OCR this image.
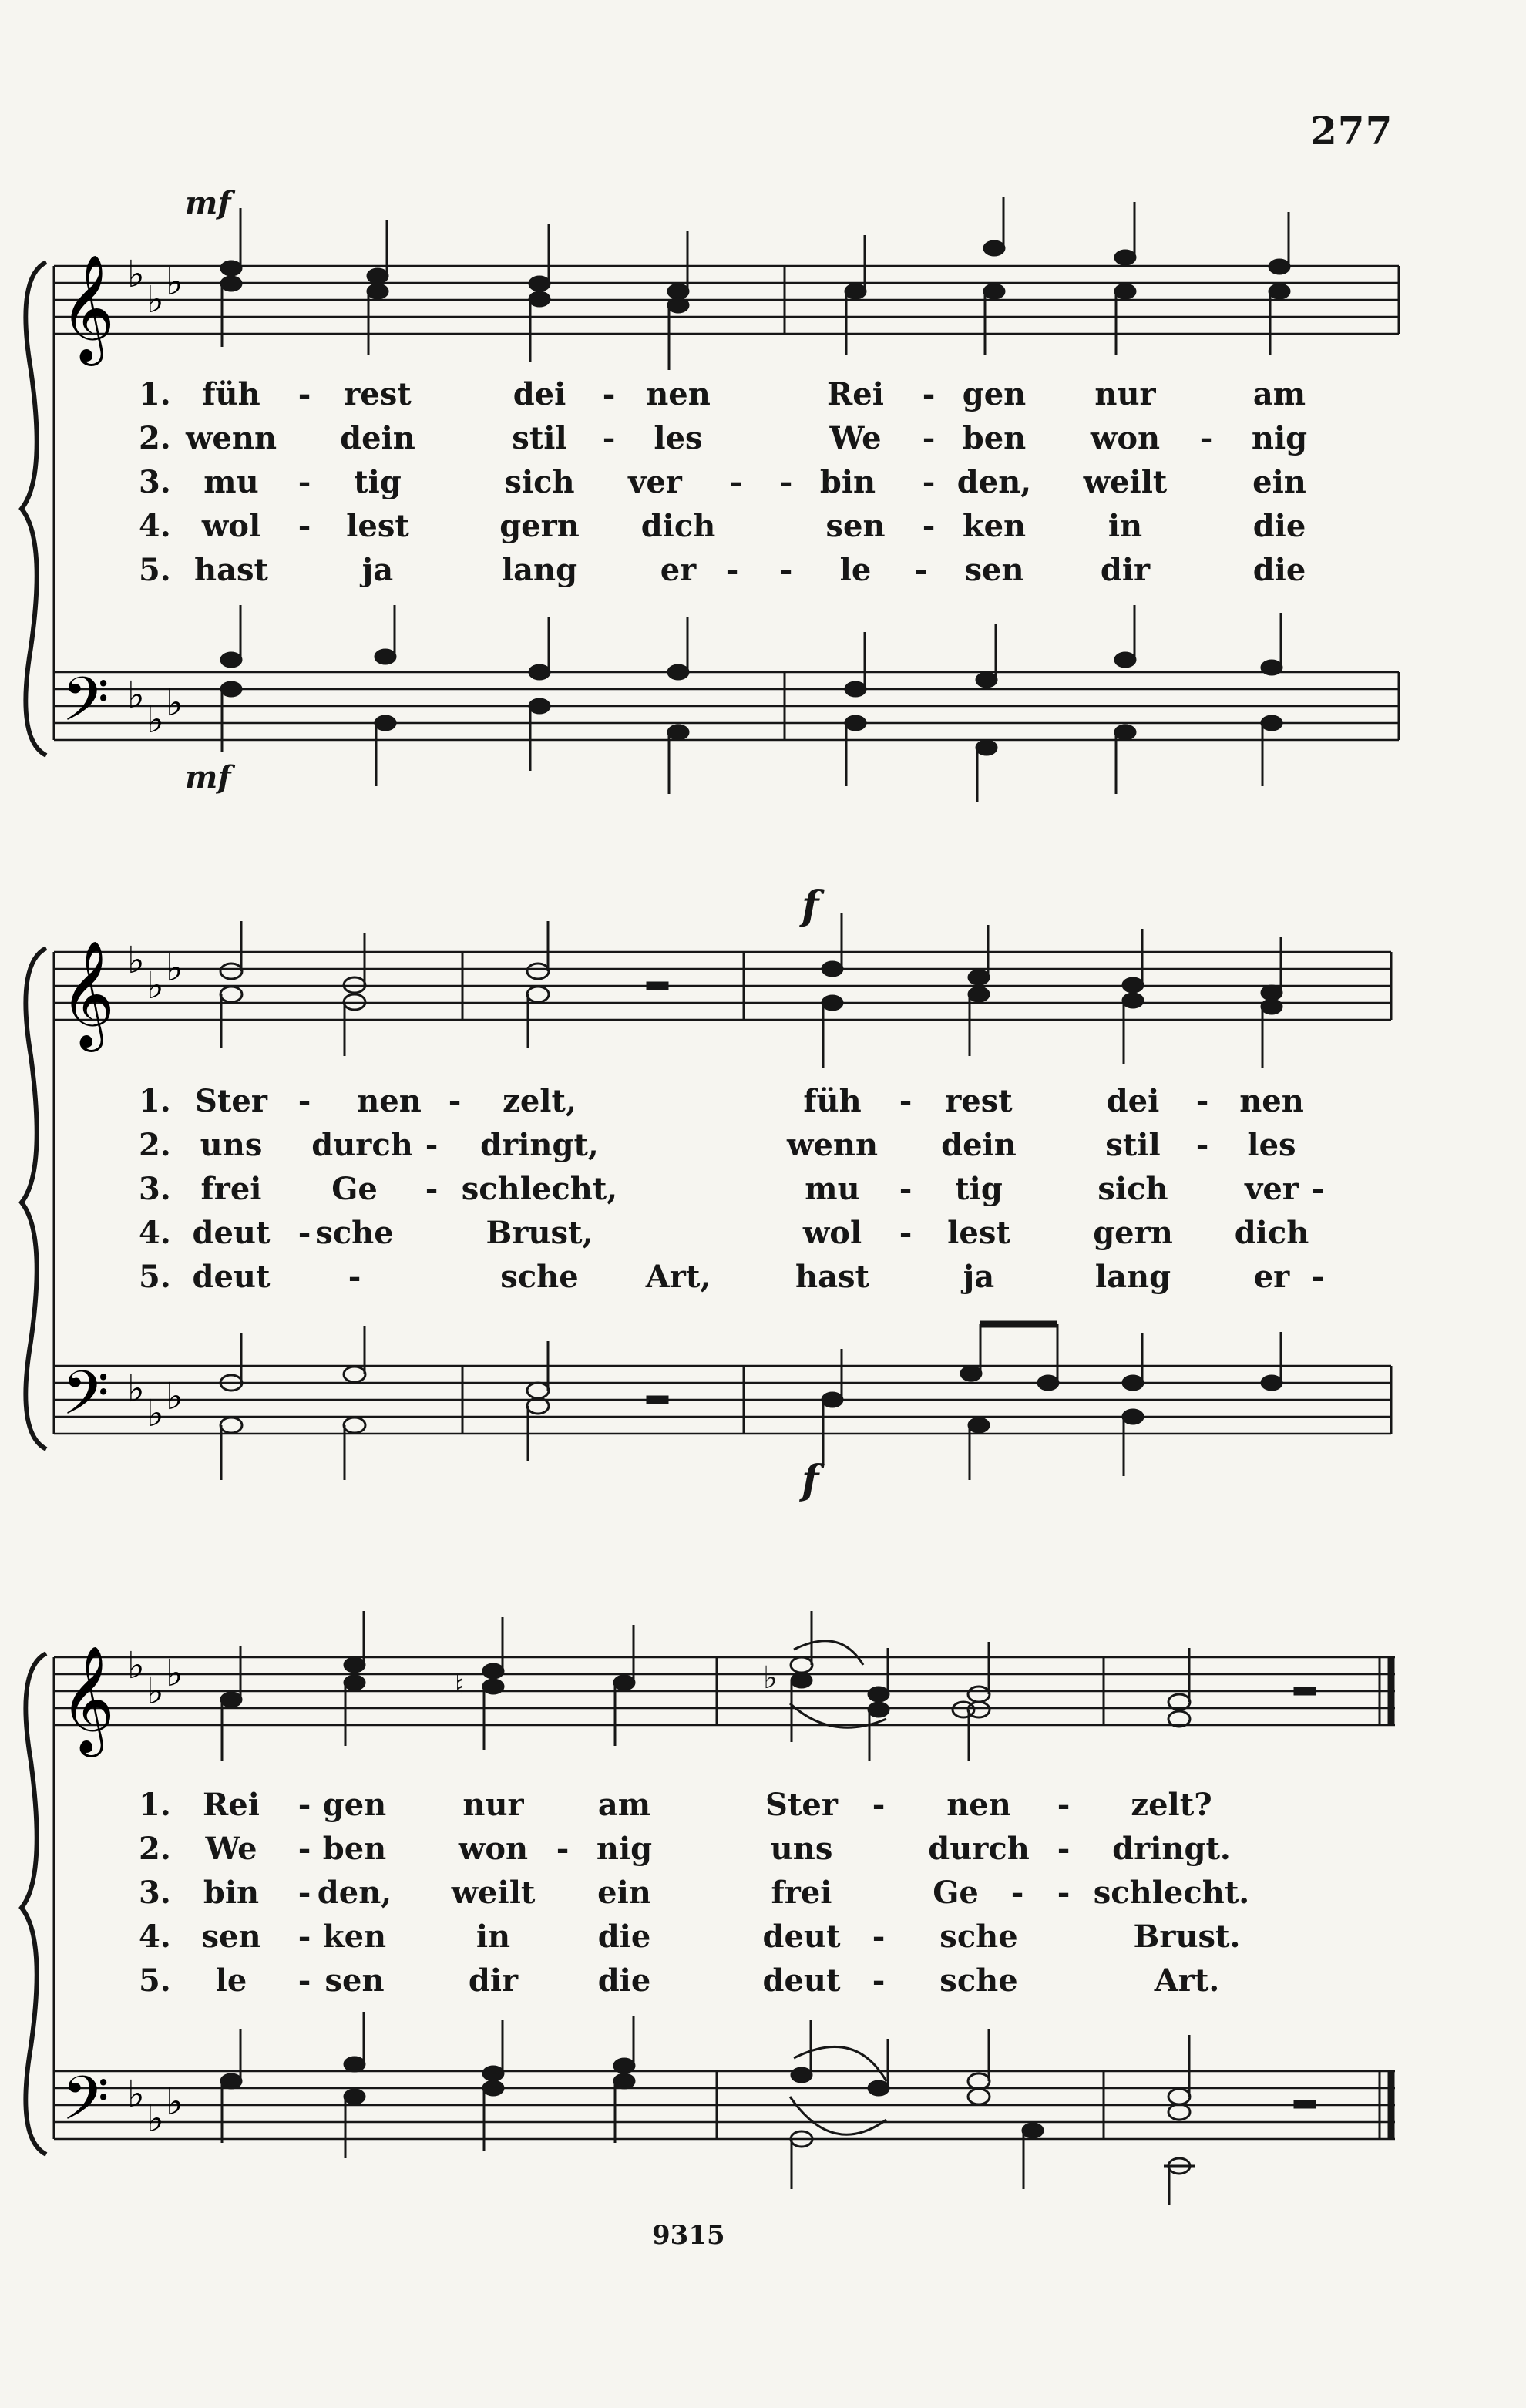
277
𝄞
𝄢
♭
♭ ♭
♭
♭ ♭
mf
mf
𝄞
𝄢
♭
♭ ♭
♭
♭ ♭
f
f
𝄞
𝄢
♭
♭ ♭
♭
♭ ♭
♮	♭
9315
1. füh - rest	dei - nen	Rei - gen nur	am
2. wenn dein	stil - les	We - ben won - nig
3. mu - tig	sich ver - - bin - den, weilt	ein
4. wol - lest	gern dich	sen - ken	in	die
5. hast	ja	lang	er - - le - sen dir	die
1. Ster - nen - zelt,	füh - rest	dei - nen
2. uns durch - dringt,	wenn dein	stil - les
3. frei Ge - schlecht,	mu - tig	sich ver -
4. deut - sche	Brust,	wol - lest	gern dich
5. deut	-	sche Art,	hast	ja	lang	er -
1. Rei - gen nur am	Ster - nen - zelt?
2. We - ben won - nig	uns	durch - dringt.
3. bin - den, weilt ein	frei	Ge - - schlecht.
4. sen - ken	in	die	deut - sche	Brust.
5. le - sen	dir	die	deut - sche	Art.
